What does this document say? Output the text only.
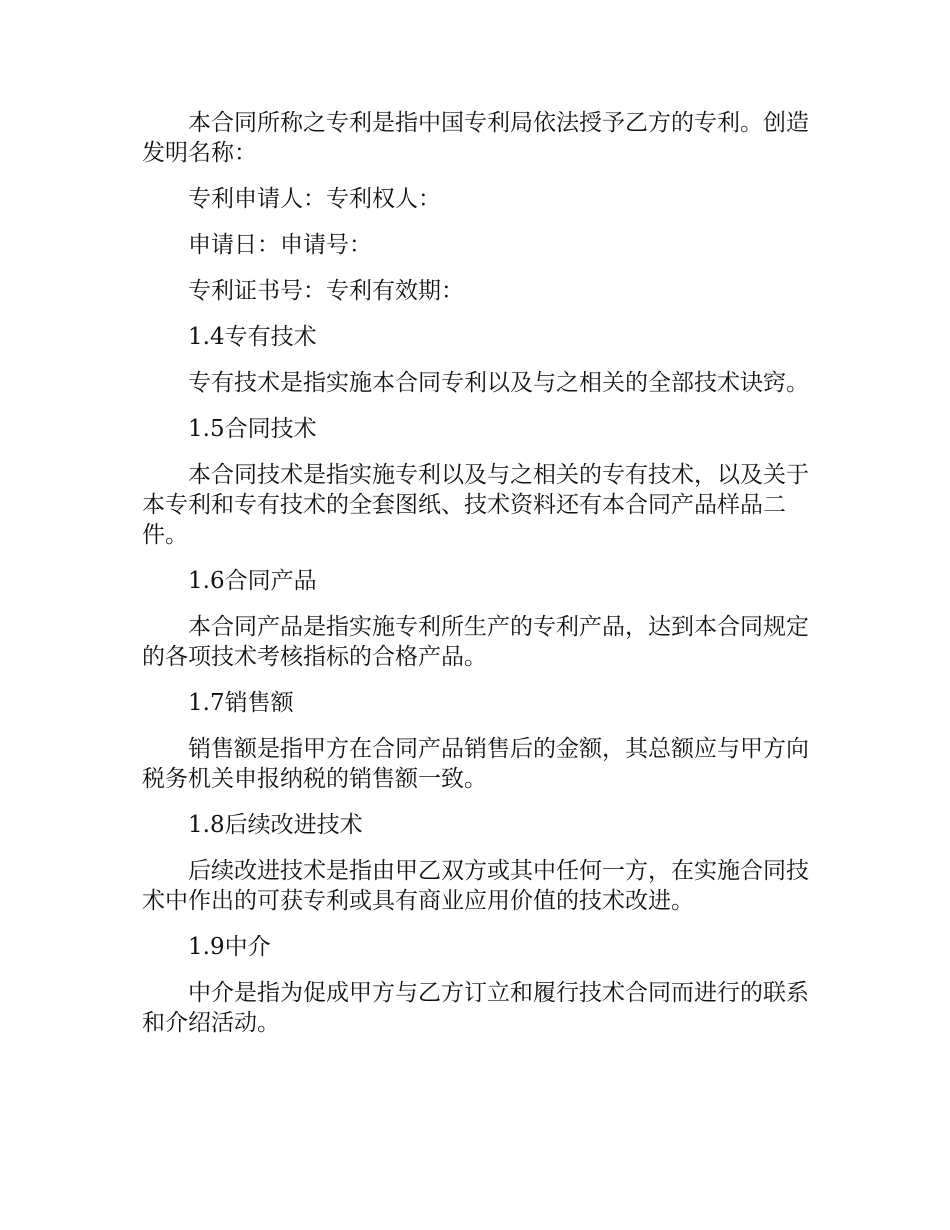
本合同所称之专利是指中国专利局依法授予乙方的专利。创造发明名称：

专利申请人：专利权人：

申请日：申请号：

专利证书号：专利有效期：

1.4专有技术

专有技术是指实施本合同专利以及与之相关的全部技术诀窍。

1.5合同技术

本合同技术是指实施专利以及与之相关的专有技术，以及关于本专利和专有技术的全套图纸、技术资料还有本合同产品样品二件。

1.6合同产品

本合同产品是指实施专利所生产的专利产品，达到本合同规定的各项技术考核指标的合格产品。

1.7销售额

销售额是指甲方在合同产品销售后的金额，其总额应与甲方向税务机关申报纳税的销售额一致。

1.8后续改进技术

后续改进技术是指由甲乙双方或其中任何一方，在实施合同技术中作出的可获专利或具有商业应用价值的技术改进。

1.9中介

中介是指为促成甲方与乙方订立和履行技术合同而进行的联系和介绍活动。
